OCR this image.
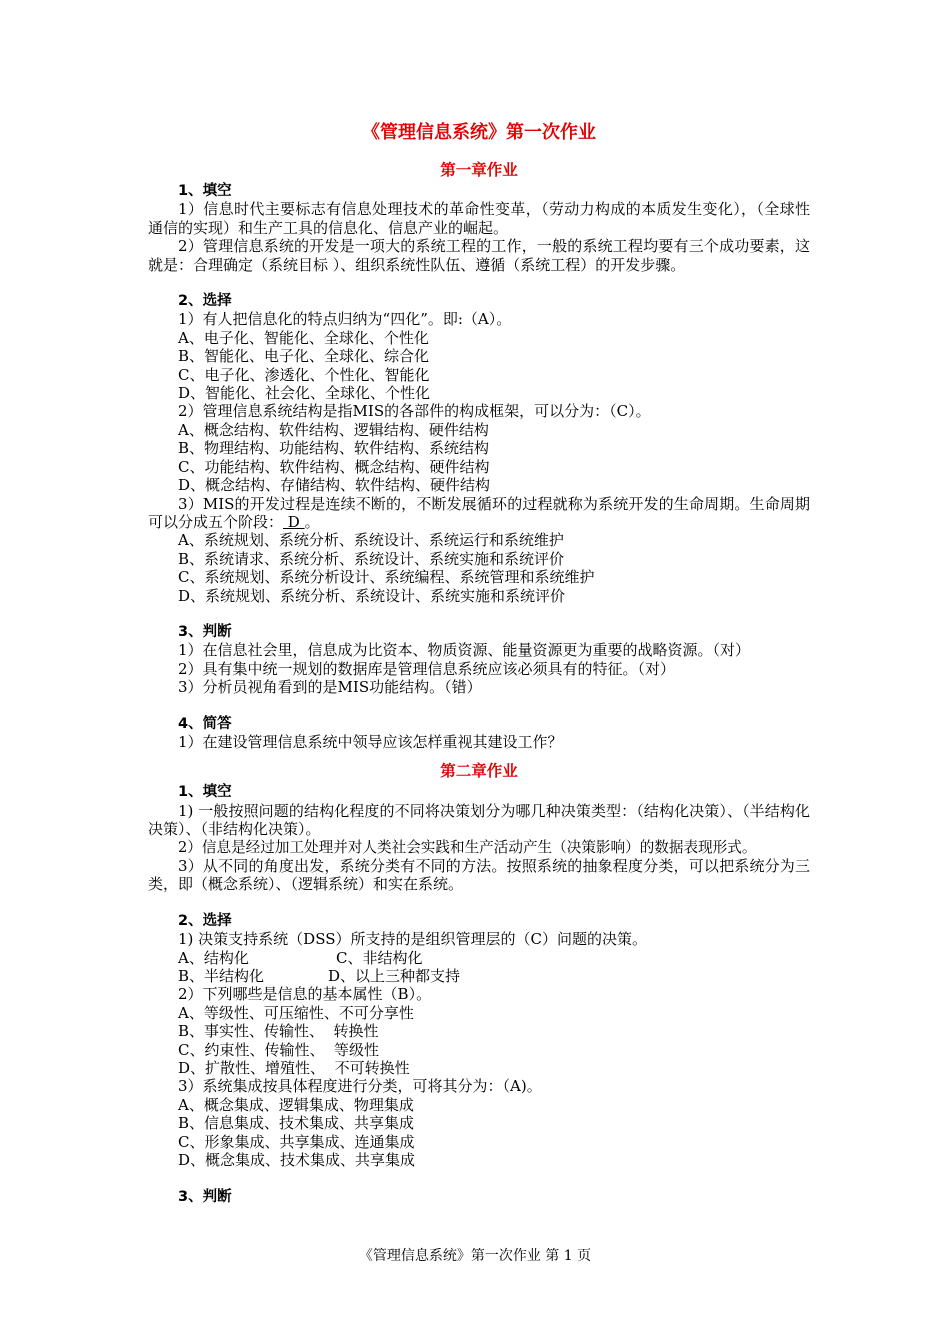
《管理信息系统》第一次作业
第一章作业
1、填空
1）信息时代主要标志有信息处理技术的革命性变革，（劳动力构成的本质发生变化），（全球性通信的实现）和生产工具的信息化、信息产业的崛起。
2）管理信息系统的开发是一项大的系统工程的工作，一般的系统工程均要有三个成功要素，这就是：合理确定（系统目标 ）、组织系统性队伍、遵循（系统工程）的开发步骤。
2、选择
1）有人把信息化的特点归纳为“四化”。即:（A）。
A、电子化、智能化、全球化、个性化
B、智能化、电子化、全球化、综合化
C、电子化、渗透化、个性化、智能化
D、智能化、社会化、全球化、个性化
2）管理信息系统结构是指MIS的各部件的构成框架，可以分为：（C）。
A、概念结构、软件结构、逻辑结构、硬件结构
B、物理结构、功能结构、软件结构、系统结构
C、功能结构、软件结构、概念结构、硬件结构
D、概念结构、存储结构、软件结构、硬件结构
3）MIS的开发过程是连续不断的，不断发展循环的过程就称为系统开发的生命周期。生命周期可以分成五个阶段： D 。
A、系统规划、系统分析、系统设计、系统运行和系统维护
B、系统请求、系统分析、系统设计、系统实施和系统评价
C、系统规划、系统分析设计、系统编程、系统管理和系统维护
D、系统规划、系统分析、系统设计、系统实施和系统评价
3、判断
1）在信息社会里，信息成为比资本、物质资源、能量资源更为重要的战略资源。（对）
2）具有集中统一规划的数据库是管理信息系统应该必须具有的特征。（对）
3）分析员视角看到的是MIS功能结构。（错）
4、简答
1）在建设管理信息系统中领导应该怎样重视其建设工作？
第二章作业
1、填空
1) 一般按照问题的结构化程度的不同将决策划分为哪几种决策类型：（结构化决策）、（半结构化决策）、（非结构化决策）。
2）信息是经过加工处理并对人类社会实践和生产活动产生（决策影响）的数据表现形式。
3）从不同的角度出发，系统分类有不同的方法。按照系统的抽象程度分类，可以把系统分为三类，即（概念系统）、（逻辑系统）和实在系统。
2、选择
1) 决策支持系统（DSS）所支持的是组织管理层的（C）问题的决策。
A、结构化	C、非结构化
B、半结构化	D、以上三种都支持
2）下列哪些是信息的基本属性（B）。
A、等级性、可压缩性、不可分享性
B、事实性、传输性、  转换性
C、约束性、传输性、  等级性
D、扩散性、增殖性、  不可转换性
3）系统集成按具体程度进行分类，可将其分为：（A)。
A、概念集成、逻辑集成、物理集成
B、信息集成、技术集成、共享集成
C、形象集成、共享集成、连通集成
D、概念集成、技术集成、共享集成
3、判断
《管理信息系统》第一次作业 第 1 页
